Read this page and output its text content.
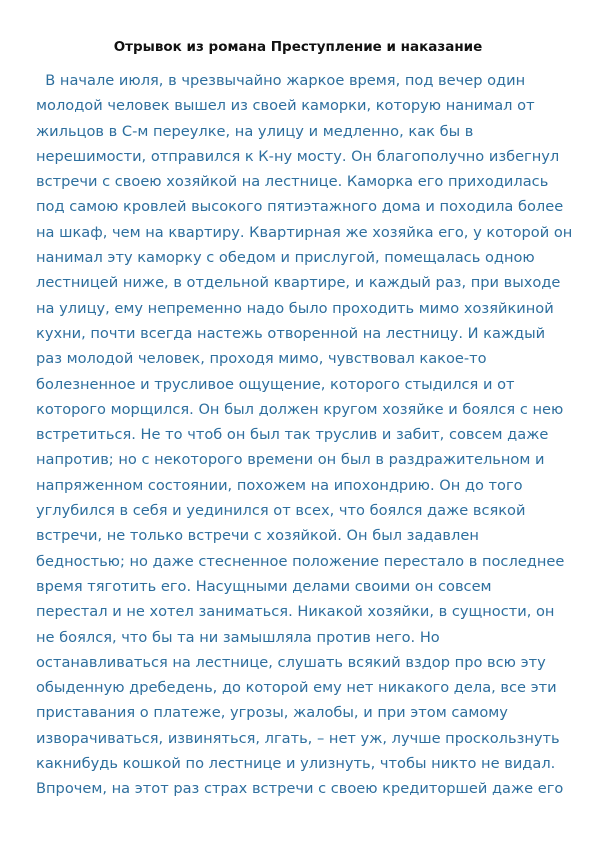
Отрывок из романа Преступление и наказание
В начале июля, в чрезвычайно жаркое время, под вечер один
молодой человек вышел из своей каморки, которую нанимал от
жильцов в С-м переулке, на улицу и медленно, как бы в
нерешимости, отправился к К-ну мосту. Он благополучно избегнул
встречи с своею хозяйкой на лестнице. Каморка его приходилась
под самою кровлей высокого пятиэтажного дома и походила более
на шкаф, чем на квартиру. Квартирная же хозяйка его, у которой он
нанимал эту каморку с обедом и прислугой, помещалась одною
лестницей ниже, в отдельной квартире, и каждый раз, при выходе
на улицу, ему непременно надо было проходить мимо хозяйкиной
кухни, почти всегда настежь отворенной на лестницу. И каждый
раз молодой человек, проходя мимо, чувствовал какое-то
болезненное и трусливое ощущение, которого стыдился и от
которого морщился. Он был должен кругом хозяйке и боялся с нею
встретиться. Не то чтоб он был так труслив и забит, совсем даже
напротив; но с некоторого времени он был в раздражительном и
напряженном состоянии, похожем на ипохондрию. Он до того
углубился в себя и уединился от всех, что боялся даже всякой
встречи, не только встречи с хозяйкой. Он был задавлен
бедностью; но даже стесненное положение перестало в последнее
время тяготить его. Насущными делами своими он совсем
перестал и не хотел заниматься. Никакой хозяйки, в сущности, он
не боялся, что бы та ни замышляла против него. Но
останавливаться на лестнице, слушать всякий вздор про всю эту
обыденную дребедень, до которой ему нет никакого дела, все эти
приставания о платеже, угрозы, жалобы, и при этом самому
изворачиваться, извиняться, лгать, – нет уж, лучше проскользнуть
какнибудь кошкой по лестнице и улизнуть, чтобы никто не видал.
Впрочем, на этот раз страх встречи с своею кредиторшей даже его
